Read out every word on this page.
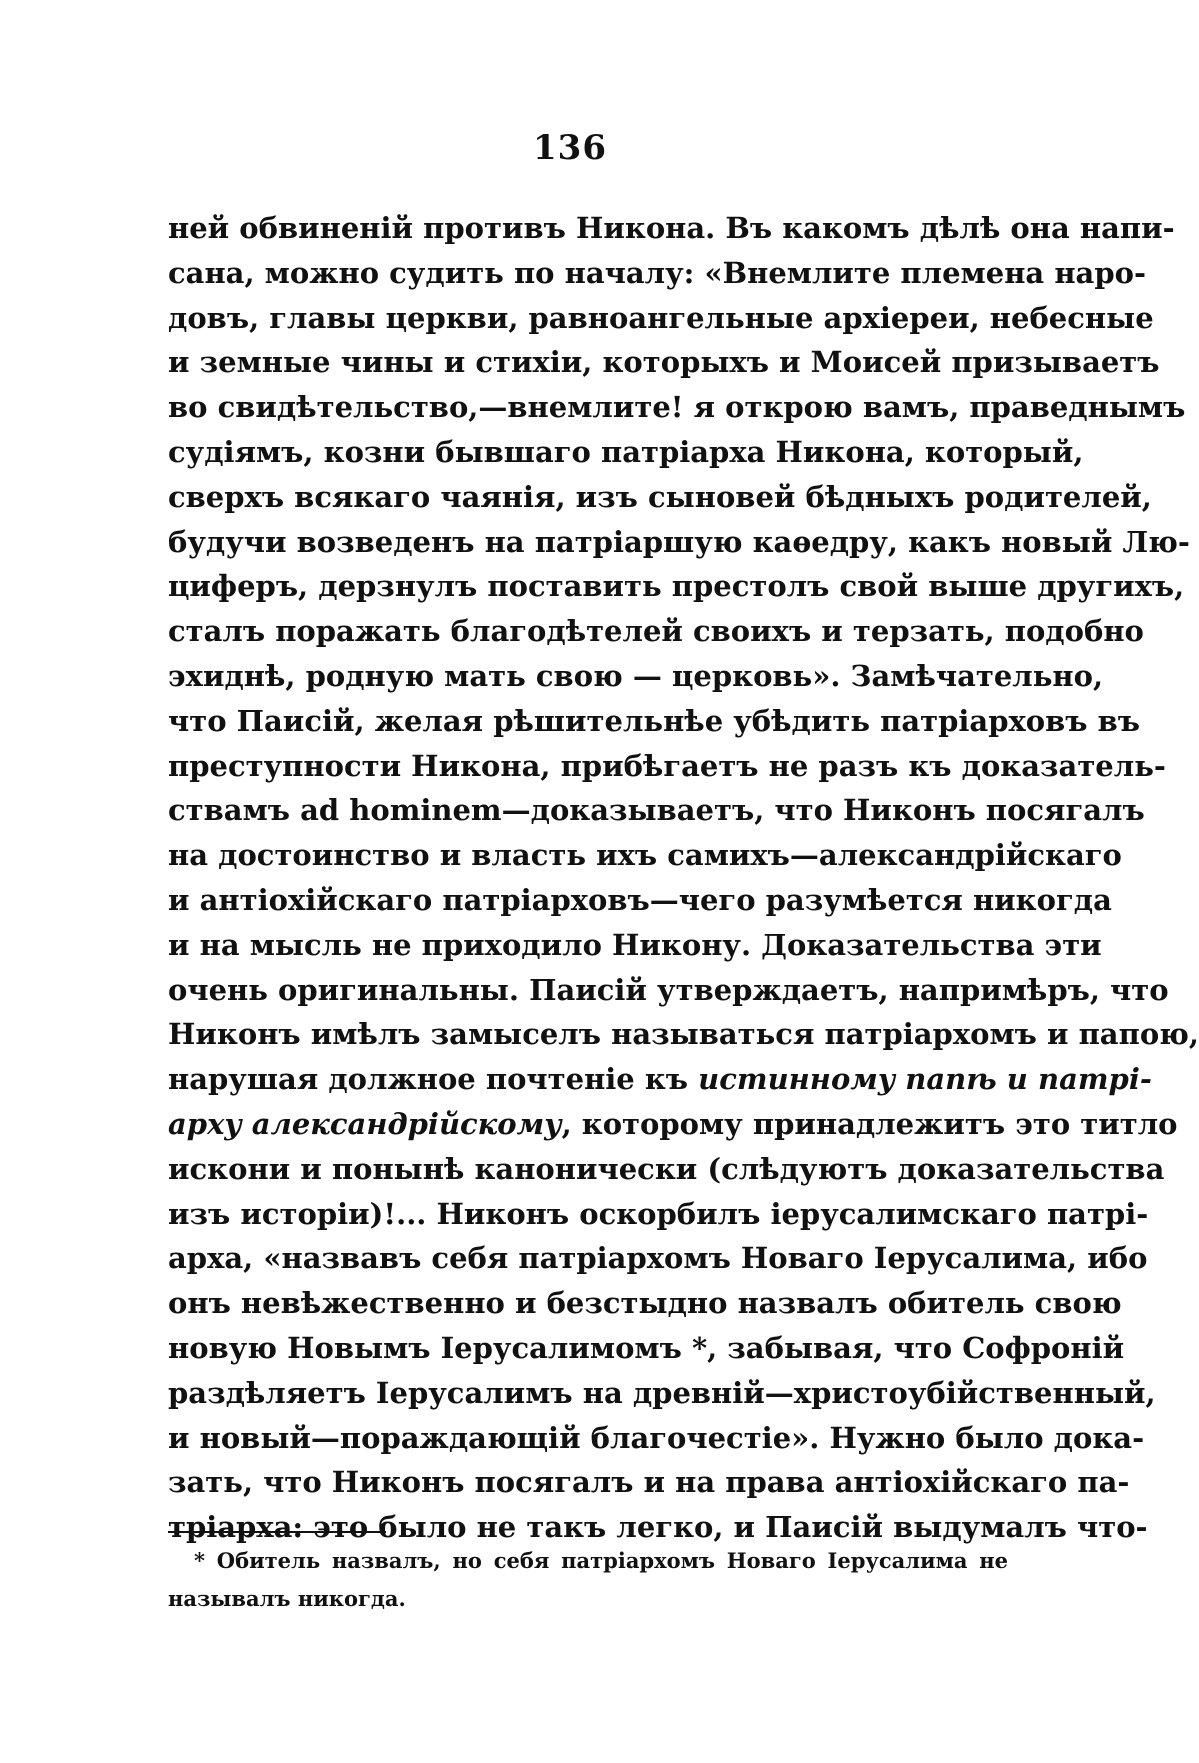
136
ней обвиненій противъ Никона. Въ какомъ дѣлѣ она напи-
сана, можно судить по началу: «Внемлите племена наро-
довъ, главы церкви, равноангельные архіереи, небесные
и земные чины и стихіи, которыхъ и Моисей призываетъ
во свидѣтельство,—внемлите! я открою вамъ, праведнымъ
судіямъ, козни бывшаго патріарха Никона, который,
сверхъ всякаго чаянія, изъ сыновей бѣдныхъ родителей,
будучи возведенъ на патріаршую каѳедру, какъ новый Лю-
циферъ, дерзнулъ поставить престолъ свой выше другихъ,
сталъ поражать благодѣтелей своихъ и терзать, подобно
эхиднѣ, родную мать свою — церковь». Замѣчательно,
что Паисій, желая рѣшительнѣе убѣдить патріарховъ въ
преступности Никона, прибѣгаетъ не разъ къ доказатель-
ствамъ ad hominem—доказываетъ, что Никонъ посягалъ
на достоинство и власть ихъ самихъ—александрійскаго
и антіохійскаго патріарховъ—чего разумѣется никогда
и на мысль не приходило Никону. Доказательства эти
очень оригинальны. Паисій утверждаетъ, напримѣръ, что
Никонъ имѣлъ замыселъ называться патріархомъ и папою,
нарушая должное почтеніе къ истинному папѣ и патрі-
арху александрійскому, которому принадлежитъ это титло
искони и понынѣ канонически (слѣдуютъ доказательства
изъ исторіи)!... Никонъ оскорбилъ іерусалимскаго патрі-
арха, «назвавъ себя патріархомъ Новаго Іерусалима, ибо
онъ невѣжественно и безстыдно назвалъ обитель свою
новую Новымъ Іерусалимомъ *, забывая, что Софроній
раздѣляетъ Іерусалимъ на древній—христоубійственный,
и новый—пораждающій благочестіе». Нужно было дока-
зать, что Никонъ посягалъ и на права антіохійскаго па-
тріарха: это было не такъ легко, и Паисій выдумалъ что-
* Обитель назвалъ, но себя патріархомъ Новаго Іерусалима не
называлъ никогда.
